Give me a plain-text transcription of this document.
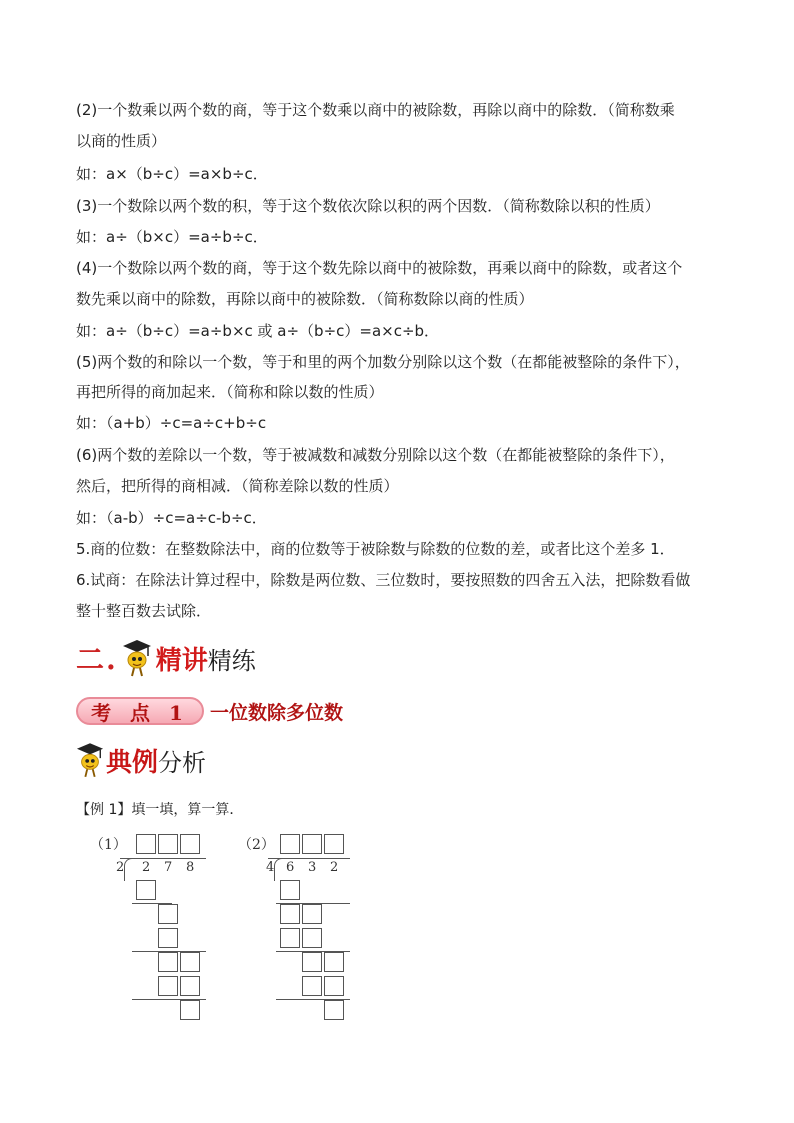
(2)一个数乘以两个数的商，等于这个数乘以商中的被除数，再除以商中的除数．（简称数乘
以商的性质）
如：a×（b÷c）=a×b÷c．
(3)一个数除以两个数的积，等于这个数依次除以积的两个因数．（简称数除以积的性质）
如：a÷（b×c）=a÷b÷c．
(4)一个数除以两个数的商，等于这个数先除以商中的被除数，再乘以商中的除数，或者这个
数先乘以商中的除数，再除以商中的被除数．（简称数除以商的性质）
如：a÷（b÷c）=a÷b×c 或 a÷（b÷c）=a×c÷b．
(5)两个数的和除以一个数，等于和里的两个加数分别除以这个数（在都能被整除的条件下），
再把所得的商加起来．（简称和除以数的性质）
如：（a+b）÷c=a÷c+b÷c
(6)两个数的差除以一个数，等于被减数和减数分别除以这个数（在都能被整除的条件下），
然后，把所得的商相减．（简称差除以数的性质）
如：（a-b）÷c=a÷c-b÷c．
5.商的位数：在整数除法中，商的位数等于被除数与除数的位数的差，或者比这个差多 1．
6.试商：在除法计算过程中，除数是两位数、三位数时，要按照数的四舍五入法，把除数看做
整十整百数去试除．
二. 精讲 精练
考 点 1	一位数除多位数
典例 分析
【例 1】填一填，算一算．
（1）
2 2 7 8
（2）
4 6 3 2
